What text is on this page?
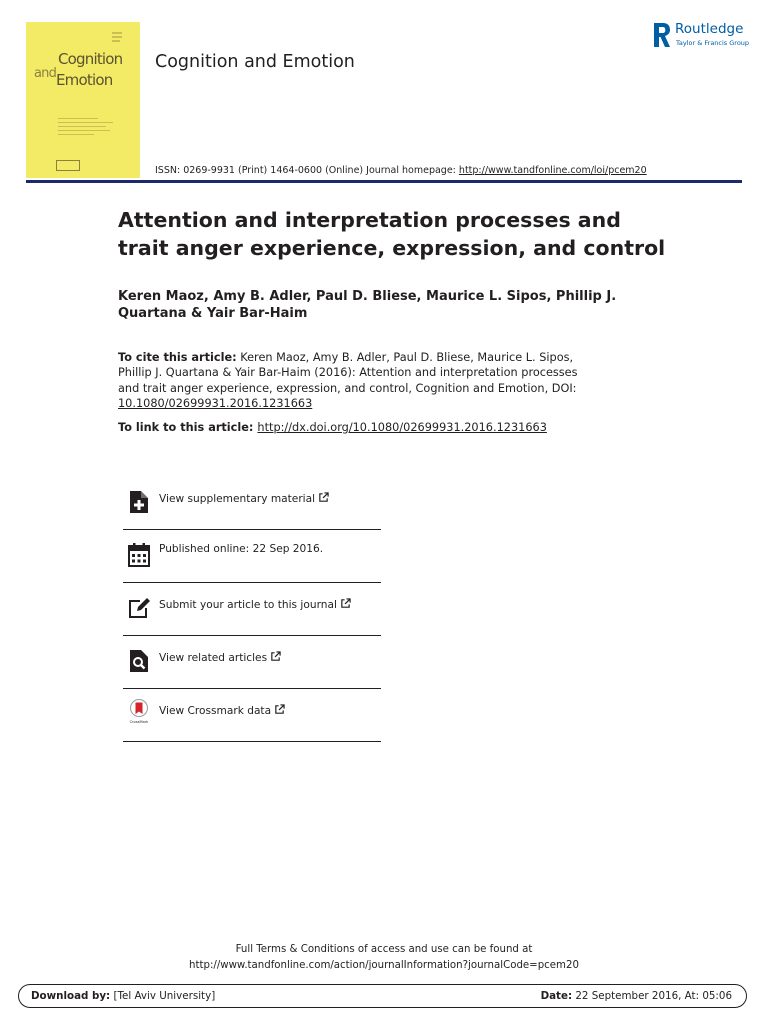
Cognition
and Emotion
Cognition and Emotion
ISSN: 0269-9931 (Print) 1464-0600 (Online) Journal homepage: http://www.tandfonline.com/loi/pcem20
Routledge
Taylor & Francis Group
Attention and interpretation processes and trait anger experience, expression, and control
Keren Maoz, Amy B. Adler, Paul D. Bliese, Maurice L. Sipos, Phillip J. Quartana & Yair Bar-Haim
To cite this article: Keren Maoz, Amy B. Adler, Paul D. Bliese, Maurice L. Sipos, Phillip J. Quartana & Yair Bar-Haim (2016): Attention and interpretation processes and trait anger experience, expression, and control, Cognition and Emotion, DOI: 10.1080/02699931.2016.1231663
To link to this article: http://dx.doi.org/10.1080/02699931.2016.1231663
View supplementary material
Published online: 22 Sep 2016.
Submit your article to this journal
View related articles
CrossMark
View Crossmark data
Full Terms & Conditions of access and use can be found at
http://www.tandfonline.com/action/journalInformation?journalCode=pcem20
Download by: [Tel Aviv University]	Date: 22 September 2016, At: 05:06
